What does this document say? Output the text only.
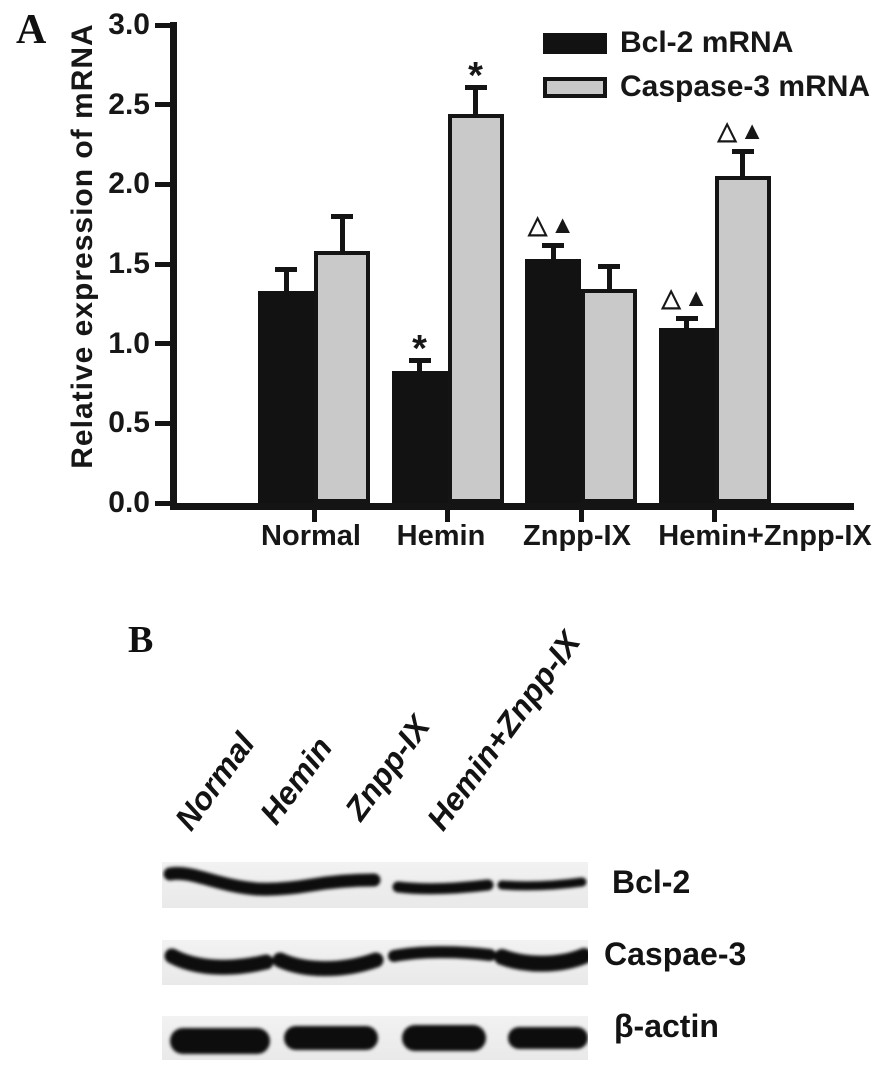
A Relative expression of mRNA 3.0
2.5
2.0
1.5
1.0
0.5
0.0
Normal	Hemin	Znpp-IX Hemin+Znpp-IX
*
△▲
△▲
*
△▲
Bcl-2 mRNA
Caspase-3 mRNA
B
Normal
Hemin
Znpp-IX
Hemin+Znpp-IX
Bcl-2
Caspae-3
β-actin
